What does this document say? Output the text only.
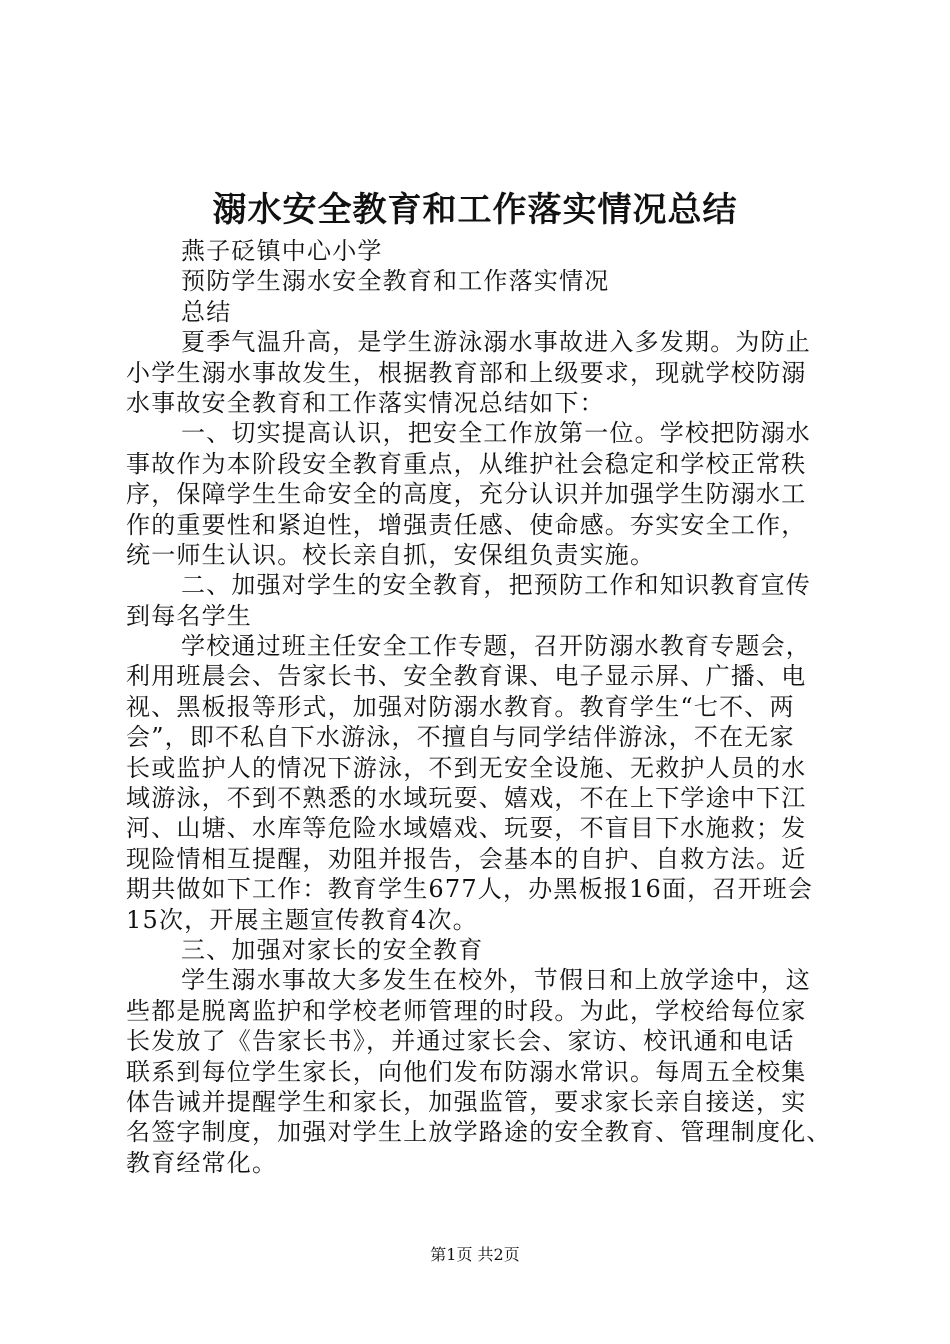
溺水安全教育和工作落实情况总结
燕子砭镇中心小学
预防学生溺水安全教育和工作落实情况
总结
夏季气温升高，是学生游泳溺水事故进入多发期。为防止
小学生溺水事故发生，根据教育部和上级要求，现就学校防溺
水事故安全教育和工作落实情况总结如下：
一、切实提高认识，把安全工作放第一位。学校把防溺水
事故作为本阶段安全教育重点，从维护社会稳定和学校正常秩
序，保障学生生命安全的高度，充分认识并加强学生防溺水工
作的重要性和紧迫性，增强责任感、使命感。夯实安全工作，
统一师生认识。校长亲自抓，安保组负责实施。
二、加强对学生的安全教育，把预防工作和知识教育宣传
到每名学生
学校通过班主任安全工作专题，召开防溺水教育专题会，
利用班晨会、告家长书、安全教育课、电子显示屏、广播、电
视、黑板报等形式，加强对防溺水教育。教育学生“七不、两
会”，即不私自下水游泳，不擅自与同学结伴游泳，不在无家
长或监护人的情况下游泳，不到无安全设施、无救护人员的水
域游泳，不到不熟悉的水域玩耍、嬉戏，不在上下学途中下江
河、山塘、水库等危险水域嬉戏、玩耍，不盲目下水施救；发
现险情相互提醒，劝阻并报告，会基本的自护、自救方法。近
期共做如下工作：教育学生677人，办黑板报16面，召开班会
15次，开展主题宣传教育4次。
三、加强对家长的安全教育
学生溺水事故大多发生在校外，节假日和上放学途中，这
些都是脱离监护和学校老师管理的时段。为此，学校给每位家
长发放了《告家长书》，并通过家长会、家访、校讯通和电话
联系到每位学生家长，向他们发布防溺水常识。每周五全校集
体告诫并提醒学生和家长，加强监管，要求家长亲自接送，实
名签字制度，加强对学生上放学路途的安全教育、管理制度化、
教育经常化。
第1页 共2页
